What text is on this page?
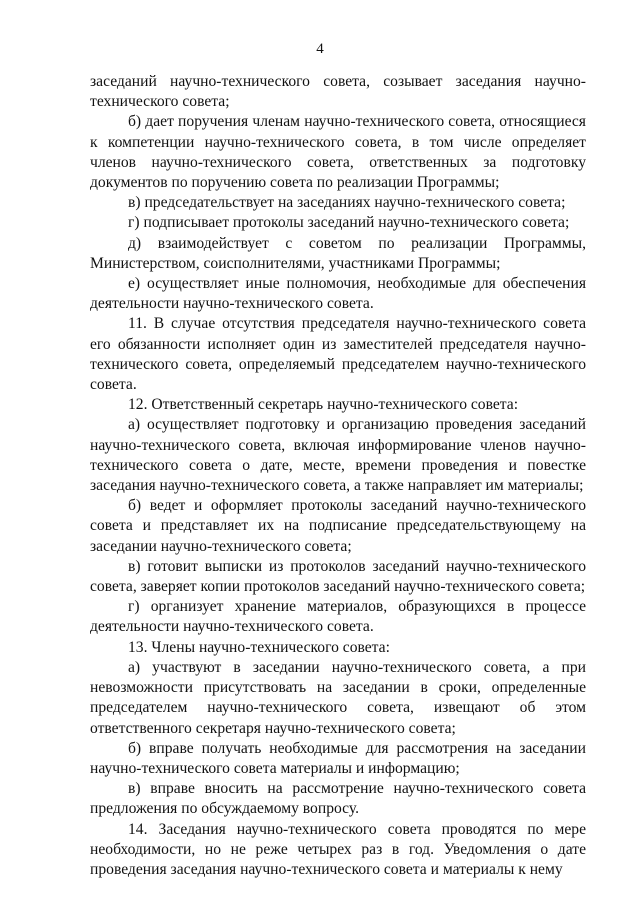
4

заседаний научно-технического совета, созывает заседания научно-технического совета;

б) дает поручения членам научно-технического совета, относящиеся к компетенции научно-технического совета, в том числе определяет членов научно-технического совета, ответственных за подготовку документов по поручению совета по реализации Программы;

в) председательствует на заседаниях научно-технического совета;

г) подписывает протоколы заседаний научно-технического совета;

д) взаимодействует с советом по реализации Программы, Министерством, соисполнителями, участниками Программы;

е) осуществляет иные полномочия, необходимые для обеспечения деятельности научно-технического совета.

11. В случае отсутствия председателя научно-технического совета его обязанности исполняет один из заместителей председателя научно-технического совета, определяемый председателем научно-технического совета.

12. Ответственный секретарь научно-технического совета:

а) осуществляет подготовку и организацию проведения заседаний научно-технического совета, включая информирование членов научно-технического совета о дате, месте, времени проведения и повестке заседания научно-технического совета, а также направляет им материалы;

б) ведет и оформляет протоколы заседаний научно-технического совета и представляет их на подписание председательствующему на заседании научно-технического совета;

в) готовит выписки из протоколов заседаний научно-технического совета, заверяет копии протоколов заседаний научно-технического совета;

г) организует хранение материалов, образующихся в процессе деятельности научно-технического совета.

13. Члены научно-технического совета:

а) участвуют в заседании научно-технического совета, а при невозможности присутствовать на заседании в сроки, определенные председателем научно-технического совета, извещают об этом ответственного секретаря научно-технического совета;

б) вправе получать необходимые для рассмотрения на заседании научно-технического совета материалы и информацию;

в) вправе вносить на рассмотрение научно-технического совета предложения по обсуждаемому вопросу.

14. Заседания научно-технического совета проводятся по мере необходимости, но не реже четырех раз в год. Уведомления о дате проведения заседания научно-технического совета и материалы к нему
